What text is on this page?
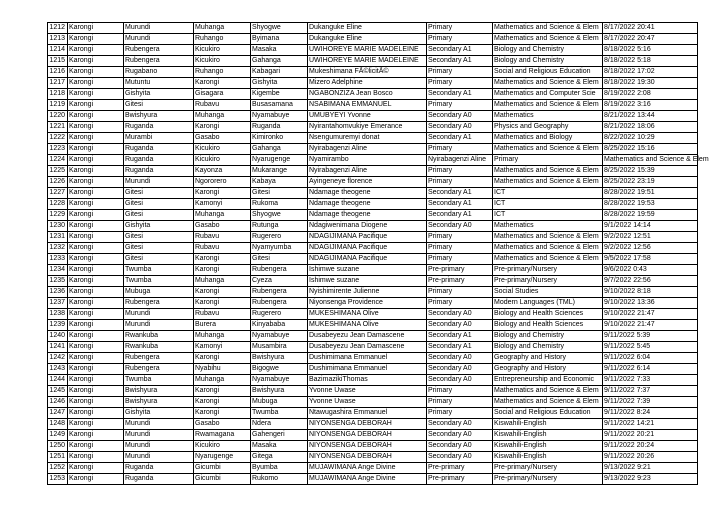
1212	Karongi	Murundi	Muhanga	Shyogwe	Dukanguke Eline	Primary	Mathematics and Science & Elem	8/17/2022 20:41	
1213	Karongi	Murundi	Ruhango	Byimana	Dukanguke Eline	Primary	Mathematics and Science & Elem	8/17/2022 20:47	
1214	Karongi	Rubengera	Kicukiro	Masaka	UWIHOREYE MARIE MADELEINE	Secondary A1	Biology and Chemistry	8/18/2022 5:16	
1215	Karongi	Rubengera	Kicukiro	Gahanga	UWIHOREYE MARIE MADELEINE	Secondary A1	Biology and Chemistry	8/18/2022 5:18	
1216	Karongi	Rugabano	Ruhango	Kabagari	Mukeshimana FÃ©licitÃ©	Primary	Social and Religious Education	8/18/2022 17:02	
1217	Karongi	Mutuntu	Karongi	Gishyita	Mizero Adelphine	Primary	Mathematics and Science & Elem	8/18/2022 19:30	
1218	Karongi	Gishyita	Gisagara	Kigembe	NGABONZIZA Jean Bosco	Secondary A1	Mathematics and Computer Scie	8/19/2022 2:08	
1219	Karongi	Gitesi	Rubavu	Busasamana	NSABIMANA EMMANUEL	Primary	Mathematics and Science & Elem	8/19/2022 3:16	
1220	Karongi	Bwishyura	Muhanga	Nyamabuye	UMUBYEYI Yvonne	Secondary A0	Mathematics	8/21/2022 13:44	
1221	Karongi	Ruganda	Karongi	Ruganda	Nyirantahomvukiye Emerance	Secondary A0	Physics and Geography	8/21/2022 18:06	
1222	Karongi	Murambi	Gasabo	Kimironko	Nsengumuremyi donat	Secondary A1	Mathematics and Biology	8/22/2022 10:29	
1223	Karongi	Ruganda	Kicukiro	Gahanga	Nyirabagenzi Aline	Primary	Mathematics and Science & Elem	8/25/2022 15:16	
1224	Karongi	Ruganda	Kicukiro	Nyarugenge	Nyamirambo	Nyirabagenzi Aline	Primary	Mathematics and Science & Elem	
1225	Karongi	Ruganda	Kayonza	Mukarange	Nyirabagenzi Aline	Primary	Mathematics and Science & Elem	8/25/2022 15:39	
1226	Karongi	Murundi	Ngororero	Kabaya	Ayingeneye florence	Primary	Mathematics and Science & Elem	8/25/2022 23:19	
1227	Karongi	Gitesi	Karongi	Gitesi	Ndamage theogene	Secondary A1	ICT	8/28/2022 19:51	
1228	Karongi	Gitesi	Kamonyi	Rukoma	Ndamage theogene	Secondary A1	ICT	8/28/2022 19:53	
1229	Karongi	Gitesi	Muhanga	Shyogwe	Ndamage theogene	Secondary A1	ICT	8/28/2022 19:59	
1230	Karongi	Gishyita	Gasabo	Rutunga	Ndagiwenimana Diogene	Secondary A0	Mathematics	9/1/2022 14:14	
1231	Karongi	Gitesi	Rubavu	Rugerero	NDAGIJIMANA Pacifique	Primary	Mathematics and Science & Elem	9/2/2022 12:51	
1232	Karongi	Gitesi	Rubavu	Nyamyumba	NDAGIJIMANA Pacifique	Primary	Mathematics and Science & Elem	9/2/2022 12:56	
1233	Karongi	Gitesi	Karongi	Gitesi	NDAGIJIMANA Pacifique	Primary	Mathematics and Science & Elem	9/5/2022 17:58	
1234	Karongi	Twumba	Karongi	Rubengera	Ishimwe suzane	Pre-primary	Pre-primary/Nursery	9/6/2022 0:43	
1235	Karongi	Twumba	Muhanga	Cyeza	Ishimwe suzane	Pre-primary	Pre-primary/Nursery	9/7/2022 22:56	
1236	Karongi	Mubuga	Karongi	Rubengera	Nyishimirente Julienne	Primary	Social Studies	9/10/2022 8:18	
1237	Karongi	Rubengera	Karongi	Rubengera	Niyonsenga Providence	Primary	Modern Languages (TML)	9/10/2022 13:36	
1238	Karongi	Murundi	Rubavu	Rugerero	MUKESHIMANA Olive	Secondary A0	Biology and Health Sciences	9/10/2022 21:47	
1239	Karongi	Murundi	Burera	Kinyababa	MUKESHIMANA Olive	Secondary A0	Biology and Health Sciences	9/10/2022 21:47	
1240	Karongi	Rwankuba	Muhanga	Nyamabuye	Dusabeyezu Jean Damascene	Secondary A1	Biology and Chemistry	9/11/2022 5:39	
1241	Karongi	Rwankuba	Kamonyi	Musambira	Dusabeyezu Jean Damascene	Secondary A1	Biology and Chemistry	9/11/2022 5:45	
1242	Karongi	Rubengera	Karongi	Bwishyura	Dushimimana Emmanuel	Secondary A0	Geography and History	9/11/2022 6:04	
1243	Karongi	Rubengera	Nyabihu	Bigogwe	Dushimimana Emmanuel	Secondary A0	Geography and History	9/11/2022 6:14	
1244	Karongi	Twumba	Muhanga	Nyamabuye	BazimazikiThomas	Secondary A0	Entrepreneurship and Economic	9/11/2022 7:33	
1245	Karongi	Bwishyura	Karongi	Bwishyura	Yvonne Uwase	Primary	Mathematics and Science & Elem	9/11/2022 7:37	
1246	Karongi	Bwishyura	Karongi	Mubuga	Yvonne Uwase	Primary	Mathematics and Science & Elem	9/11/2022 7:39	
1247	Karongi	Gishyita	Karongi	Twumba	Ntawugashira Emmanuel	Primary	Social and Religious Education	9/11/2022 8:24	
1248	Karongi	Murundi	Gasabo	Ndera	NIYONSENGA DEBORAH	Secondary A0	Kiswahili-English	9/11/2022 14:21	
1249	Karongi	Murundi	Rwamagana	Gahengeri	NIYONSENGA DEBORAH	Secondary A0	Kiswahili-English	9/11/2022 20:21	
1250	Karongi	Murundi	Kicukiro	Masaka	NIYONSENGA DEBORAH	Secondary A0	Kiswahili-English	9/11/2022 20:24	
1251	Karongi	Murundi	Nyarugenge	Gitega	NIYONSENGA DEBORAH	Secondary A0	Kiswahili-English	9/11/2022 20:26	
1252	Karongi	Ruganda	Gicumbi	Byumba	MUJAWIMANA Ange Divine	Pre-primary	Pre-primary/Nursery	9/13/2022 9:21	
1253	Karongi	Ruganda	Gicumbi	Rukomo	MUJAWIMANA Ange Divine	Pre-primary	Pre-primary/Nursery	9/13/2022 9:23	
